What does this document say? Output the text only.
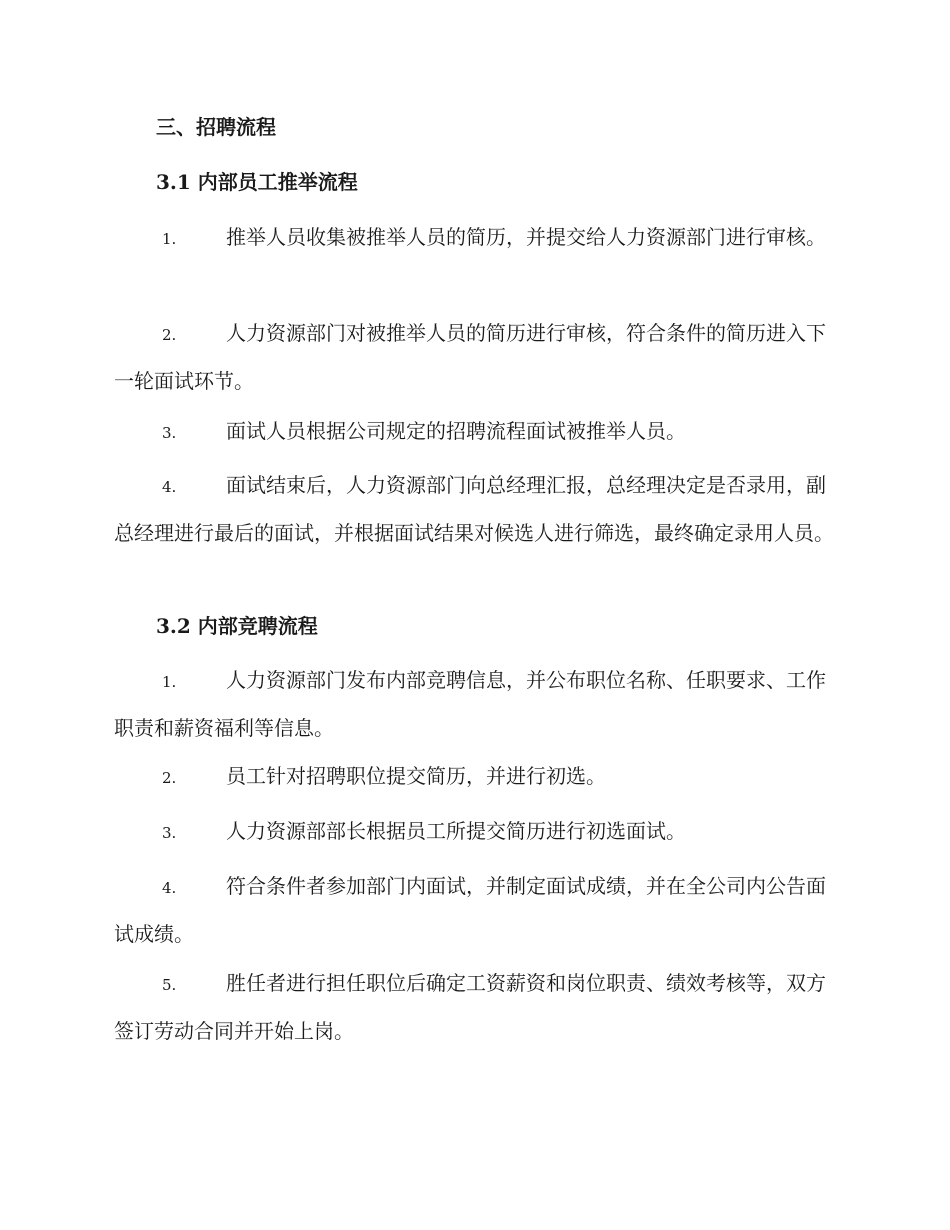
三、招聘流程
3.1 内部员工推举流程
1. 推举人员收集被推举人员的简历，并提交给人力资源部门进行审核。
2. 人力资源部门对被推举人员的简历进行审核，符合条件的简历进入下一轮面试环节。
3. 面试人员根据公司规定的招聘流程面试被推举人员。
4. 面试结束后，人力资源部门向总经理汇报，总经理决定是否录用，副总经理进行最后的面试，并根据面试结果对候选人进行筛选，最终确定录用人员。
3.2 内部竞聘流程
1. 人力资源部门发布内部竞聘信息，并公布职位名称、任职要求、工作职责和薪资福利等信息。
2. 员工针对招聘职位提交简历，并进行初选。
3. 人力资源部部长根据员工所提交简历进行初选面试。
4. 符合条件者参加部门内面试，并制定面试成绩，并在全公司内公告面试成绩。
5. 胜任者进行担任职位后确定工资薪资和岗位职责、绩效考核等，双方签订劳动合同并开始上岗。
